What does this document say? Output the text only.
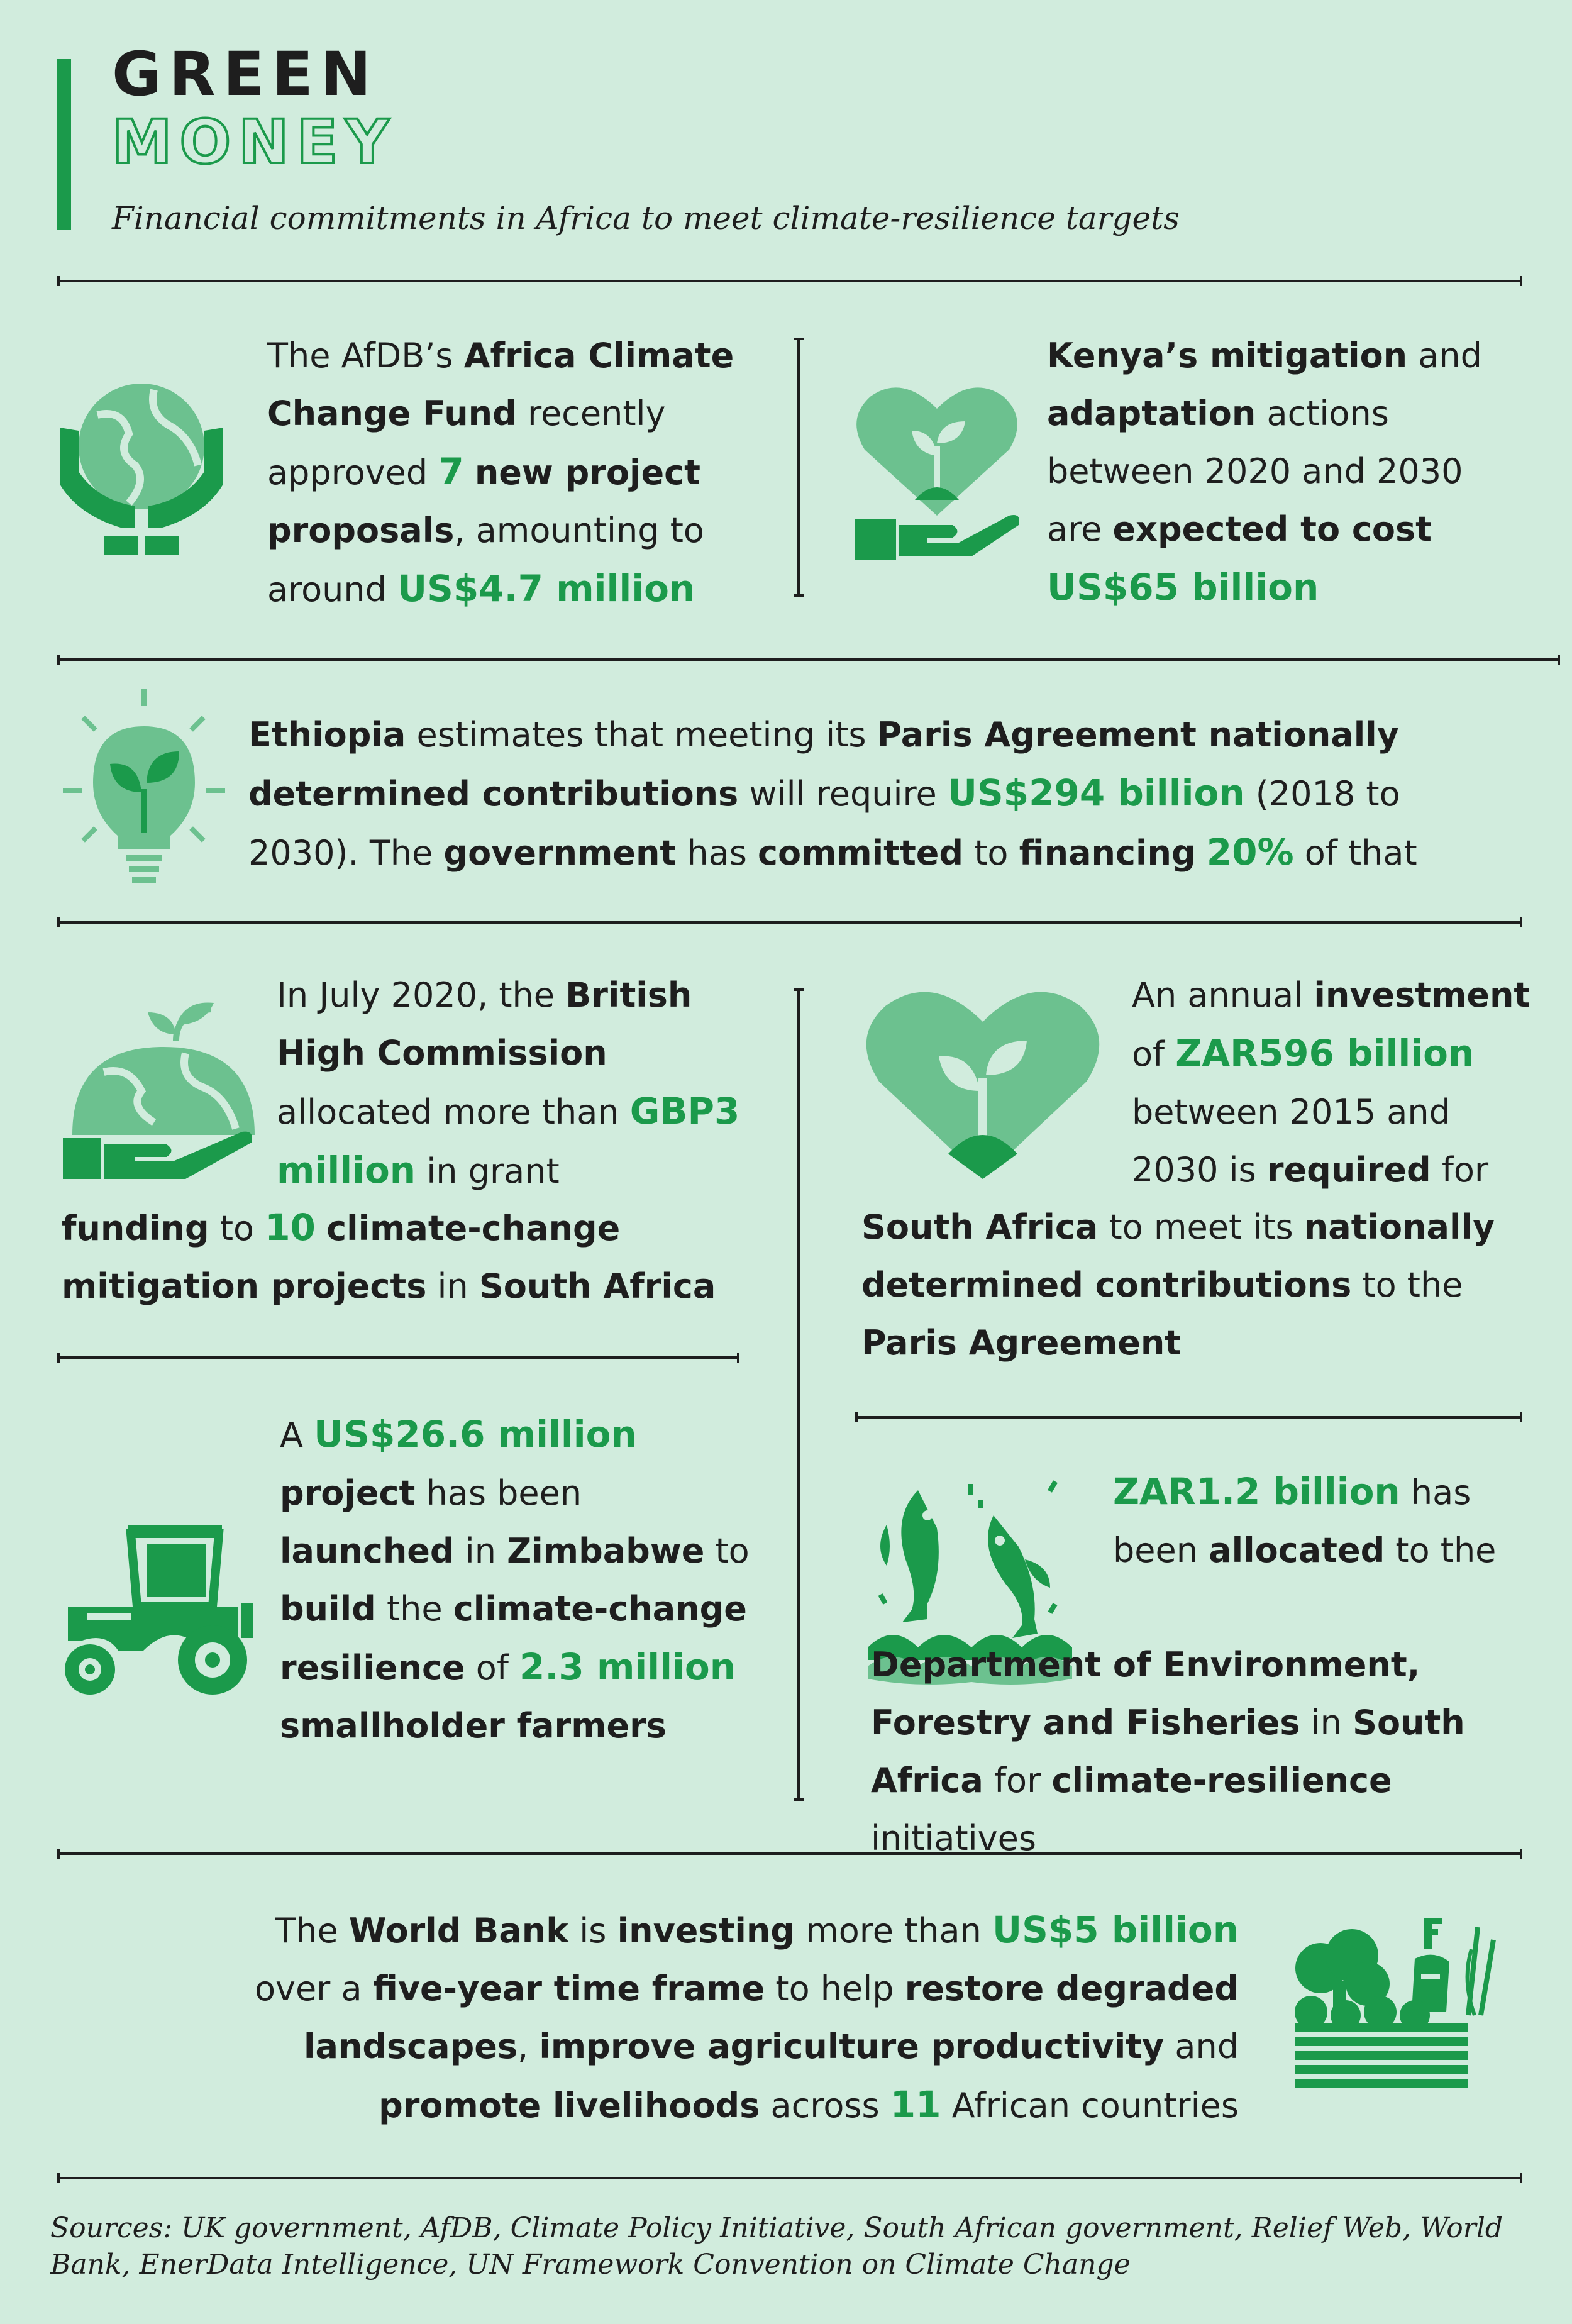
GREEN
MONEY
Financial commitments in Africa to meet climate-resilience targets
The AfDB’s Africa Climate Change Fund recently approved 7 new project proposals, amounting to around US$4.7 million
Kenya’s mitigation and adaptation actions between 2020 and 2030 are expected to cost US$65 billion
Ethiopia estimates that meeting its Paris Agreement nationally determined contributions will require US$294 billion (2018 to 2030). The government has committed to financing 20% of that
In July 2020, the British High Commission allocated more than GBP3 million in grant
funding to 10 climate-change mitigation projects in South Africa
An annual investment of ZAR596 billion between 2015 and 2030 is required for
South Africa to meet its nationally determined contributions to the Paris Agreement
A US$26.6 million project has been launched in Zimbabwe to build the climate-change resilience of 2.3 million smallholder farmers
ZAR1.2 billion has been allocated to the
Department of Environment, Forestry and Fisheries in South Africa for climate-resilience initiatives
The World Bank is investing more than US$5 billion over a five-year time frame to help restore degraded landscapes, improve agriculture productivity and promote livelihoods across 11 African countries
Sources: UK government, AfDB, Climate Policy Initiative, South African government, Relief Web, World Bank, EnerData Intelligence, UN Framework Convention on Climate Change
